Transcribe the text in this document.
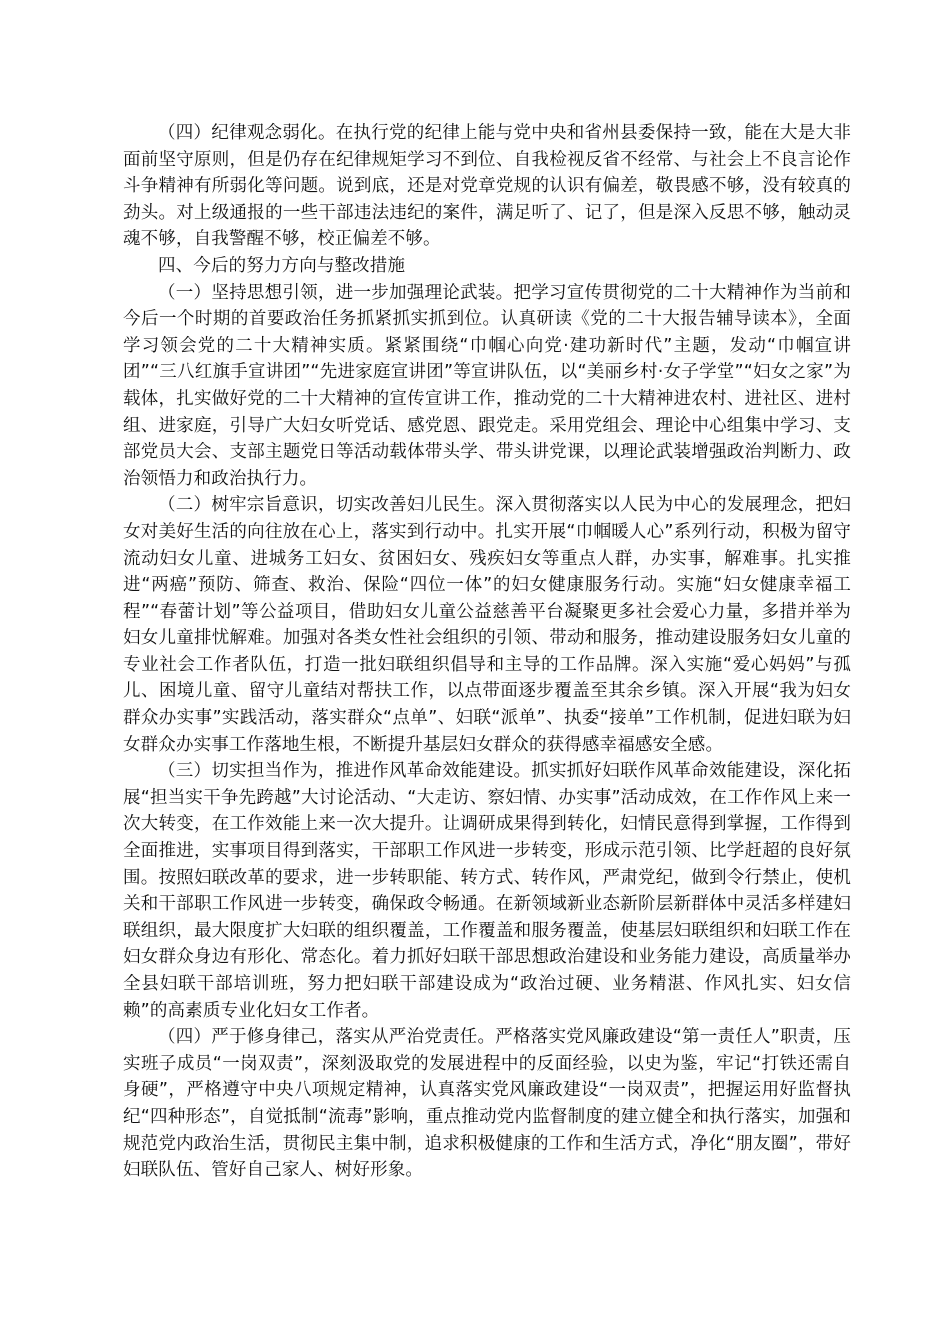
（四）纪律观念弱化。在执行党的纪律上能与党中央和省州县委保持一致，能在大是大非面前坚守原则，但是仍存在纪律规矩学习不到位、自我检视反省不经常、与社会上不良言论作斗争精神有所弱化等问题。说到底，还是对党章党规的认识有偏差，敬畏感不够，没有较真的劲头。对上级通报的一些干部违法违纪的案件，满足听了、记了，但是深入反思不够，触动灵魂不够，自我警醒不够，校正偏差不够。

四、今后的努力方向与整改措施

（一）坚持思想引领，进一步加强理论武装。把学习宣传贯彻党的二十大精神作为当前和今后一个时期的首要政治任务抓紧抓实抓到位。认真研读《党的二十大报告辅导读本》，全面学习领会党的二十大精神实质。紧紧围绕“巾帼心向党·建功新时代”主题，发动“巾帼宣讲团”“三八红旗手宣讲团”“先进家庭宣讲团”等宣讲队伍，以“美丽乡村·女子学堂”“妇女之家”为载体，扎实做好党的二十大精神的宣传宣讲工作，推动党的二十大精神进农村、进社区、进村组、进家庭，引导广大妇女听党话、感党恩、跟党走。采用党组会、理论中心组集中学习、支部党员大会、支部主题党日等活动载体带头学、带头讲党课，以理论武装增强政治判断力、政治领悟力和政治执行力。

（二）树牢宗旨意识，切实改善妇儿民生。深入贯彻落实以人民为中心的发展理念，把妇女对美好生活的向往放在心上，落实到行动中。扎实开展“巾帼暖人心”系列行动，积极为留守流动妇女儿童、进城务工妇女、贫困妇女、残疾妇女等重点人群，办实事，解难事。扎实推进“两癌”预防、筛查、救治、保险“四位一体”的妇女健康服务行动。实施“妇女健康幸福工程”“春蕾计划”等公益项目，借助妇女儿童公益慈善平台凝聚更多社会爱心力量，多措并举为妇女儿童排忧解难。加强对各类女性社会组织的引领、带动和服务，推动建设服务妇女儿童的专业社会工作者队伍，打造一批妇联组织倡导和主导的工作品牌。深入实施“爱心妈妈”与孤儿、困境儿童、留守儿童结对帮扶工作，以点带面逐步覆盖至其余乡镇。深入开展“我为妇女群众办实事”实践活动，落实群众“点单”、妇联“派单”、执委“接单”工作机制，促进妇联为妇女群众办实事工作落地生根，不断提升基层妇女群众的获得感幸福感安全感。

（三）切实担当作为，推进作风革命效能建设。抓实抓好妇联作风革命效能建设，深化拓展“担当实干争先跨越”大讨论活动、“大走访、察妇情、办实事”活动成效，在工作作风上来一次大转变，在工作效能上来一次大提升。让调研成果得到转化，妇情民意得到掌握，工作得到全面推进，实事项目得到落实，干部职工作风进一步转变，形成示范引领、比学赶超的良好氛围。按照妇联改革的要求，进一步转职能、转方式、转作风，严肃党纪，做到令行禁止，使机关和干部职工作风进一步转变，确保政令畅通。在新领域新业态新阶层新群体中灵活多样建妇联组织，最大限度扩大妇联的组织覆盖，工作覆盖和服务覆盖，使基层妇联组织和妇联工作在妇女群众身边有形化、常态化。着力抓好妇联干部思想政治建设和业务能力建设，高质量举办全县妇联干部培训班，努力把妇联干部建设成为“政治过硬、业务精湛、作风扎实、妇女信赖”的高素质专业化妇女工作者。

（四）严于修身律己，落实从严治党责任。严格落实党风廉政建设“第一责任人”职责，压实班子成员“一岗双责”，深刻汲取党的发展进程中的反面经验，以史为鉴，牢记“打铁还需自身硬”，严格遵守中央八项规定精神，认真落实党风廉政建设“一岗双责”，把握运用好监督执纪“四种形态”，自觉抵制“流毒”影响，重点推动党内监督制度的建立健全和执行落实，加强和规范党内政治生活，贯彻民主集中制，追求积极健康的工作和生活方式，净化“朋友圈”，带好妇联队伍、管好自己家人、树好形象。
